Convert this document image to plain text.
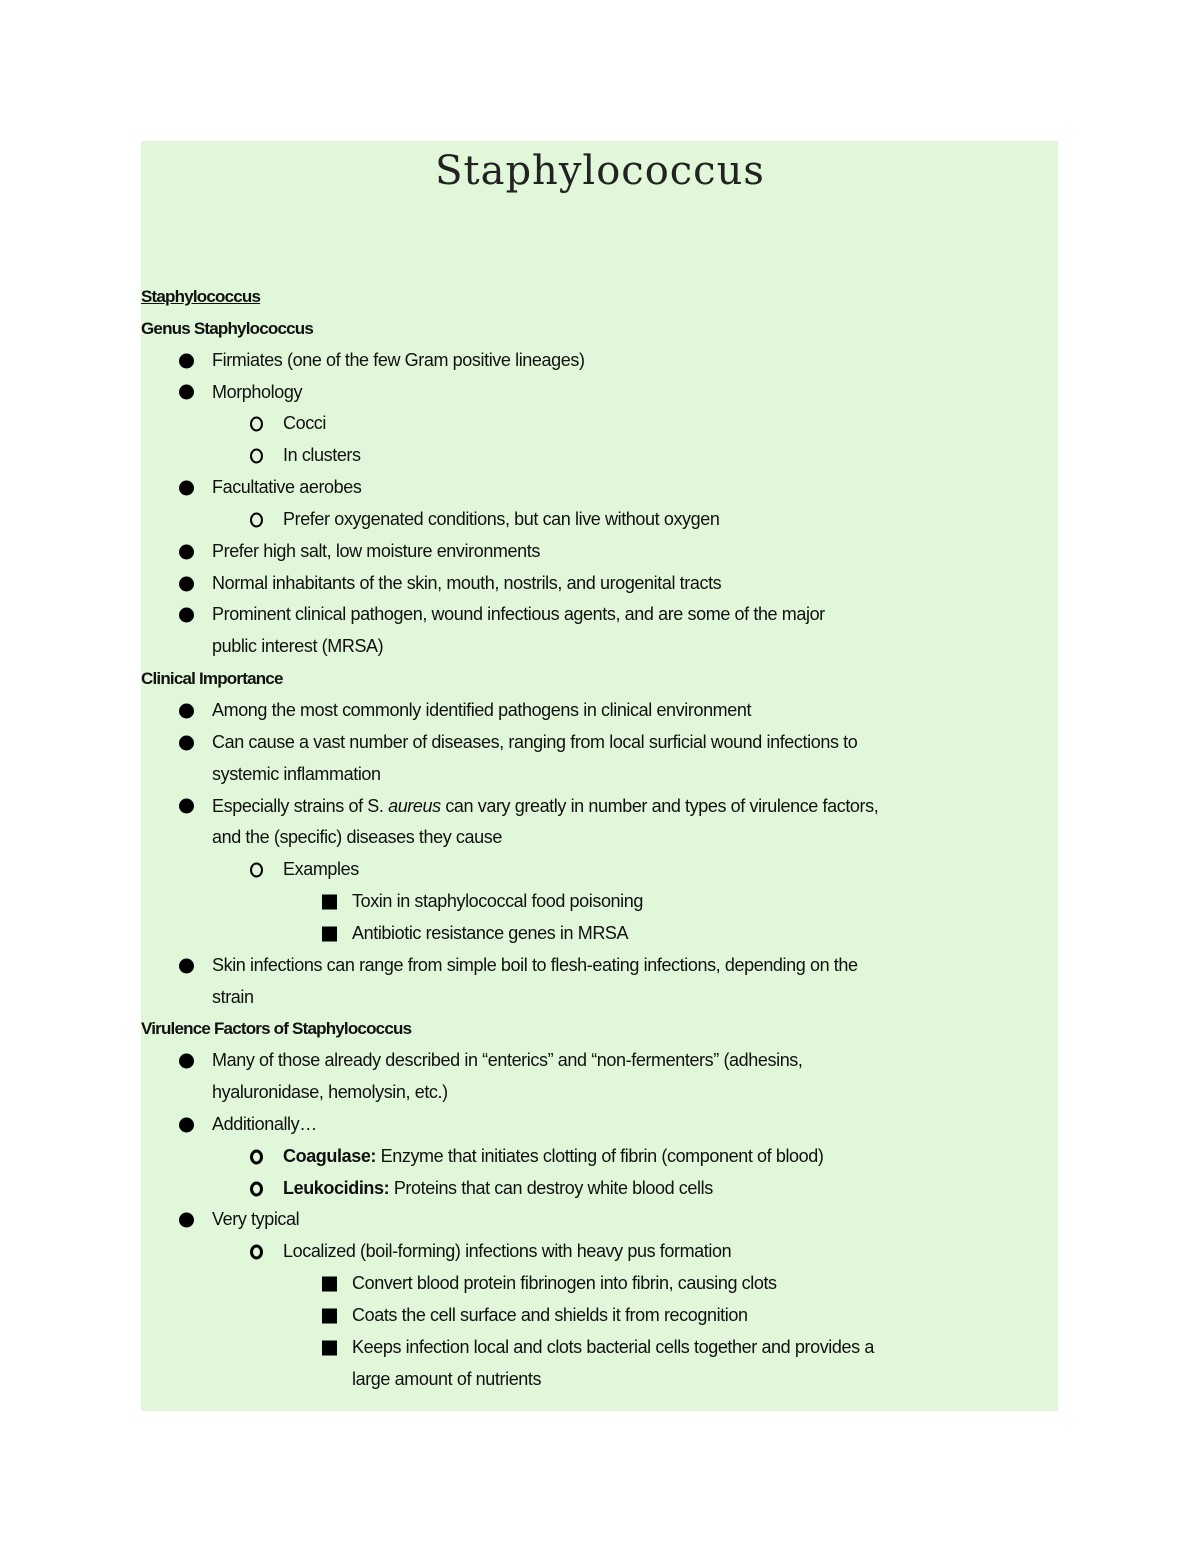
Staphylococcus
Staphylococcus
Genus Staphylococcus
Firmiates (one of the few Gram positive lineages)
Morphology
Cocci
In clusters
Facultative aerobes
Prefer oxygenated conditions, but can live without oxygen
Prefer high salt, low moisture environments
Normal inhabitants of the skin, mouth, nostrils, and urogenital tracts
Prominent clinical pathogen, wound infectious agents, and are some of the major
public interest (MRSA)
Clinical Importance
Among the most commonly identified pathogens in clinical environment
Can cause a vast number of diseases, ranging from local surficial wound infections to
systemic inflammation
Especially strains of S. aureus can vary greatly in number and types of virulence factors,
and the (specific) diseases they cause
Examples
Toxin in staphylococcal food poisoning
Antibiotic resistance genes in MRSA
Skin infections can range from simple boil to flesh-eating infections, depending on the
strain
Virulence Factors of Staphylococcus
Many of those already described in “enterics” and “non-fermenters” (adhesins,
hyaluronidase, hemolysin, etc.)
Additionally…
Coagulase: Enzyme that initiates clotting of fibrin (component of blood)
Leukocidins: Proteins that can destroy white blood cells
Very typical
Localized (boil-forming) infections with heavy pus formation
Convert blood protein fibrinogen into fibrin, causing clots
Coats the cell surface and shields it from recognition
Keeps infection local and clots bacterial cells together and provides a
large amount of nutrients
